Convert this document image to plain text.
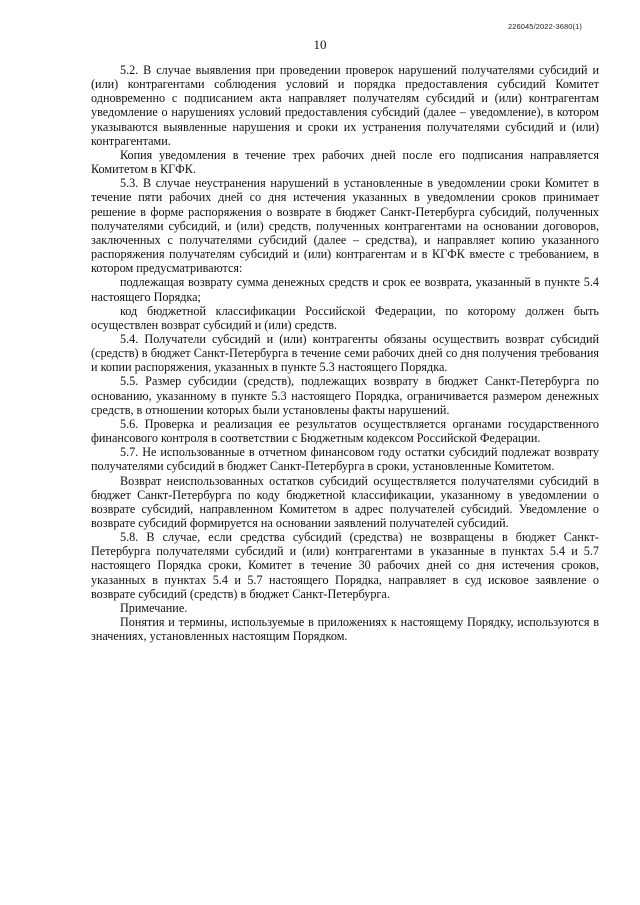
226045/2022-3680(1)
10

5.2. В случае выявления при проведении проверок нарушений получателями субсидий и (или) контрагентами соблюдения условий и порядка предоставления субсидий Комитет одновременно с подписанием акта направляет получателям субсидий и (или) контрагентам уведомление о нарушениях условий предоставления субсидий (далее – уведомление), в котором указываются выявленные нарушения и сроки их устранения получателями субсидий и (или) контрагентами.

Копия уведомления в течение трех рабочих дней после его подписания направляется Комитетом в КГФК.

5.3. В случае неустранения нарушений в установленные в уведомлении сроки Комитет в течение пяти рабочих дней со дня истечения указанных в уведомлении сроков принимает решение в форме распоряжения о возврате в бюджет Санкт-Петербурга субсидий, полученных получателями субсидий, и (или) средств, полученных контрагентами на основании договоров, заключенных с получателями субсидий (далее – средства), и направляет копию указанного распоряжения получателям субсидий и (или) контрагентам и в КГФК вместе с требованием, в котором предусматриваются:

подлежащая возврату сумма денежных средств и срок ее возврата, указанный в пункте 5.4 настоящего Порядка;

код бюджетной классификации Российской Федерации, по которому должен быть осуществлен возврат субсидий и (или) средств.

5.4. Получатели субсидий и (или) контрагенты обязаны осуществить возврат субсидий (средств) в бюджет Санкт-Петербурга в течение семи рабочих дней со дня получения требования и копии распоряжения, указанных в пункте 5.3 настоящего Порядка.

5.5. Размер субсидии (средств), подлежащих возврату в бюджет Санкт-Петербурга по основанию, указанному в пункте 5.3 настоящего Порядка, ограничивается размером денежных средств, в отношении которых были установлены факты нарушений.

5.6. Проверка и реализация ее результатов осуществляется органами государственного финансового контроля в соответствии с Бюджетным кодексом Российской Федерации.

5.7. Не использованные в отчетном финансовом году остатки субсидий подлежат возврату получателями субсидий в бюджет Санкт-Петербурга в сроки, установленные Комитетом.

Возврат неиспользованных остатков субсидий осуществляется получателями субсидий в бюджет Санкт-Петербурга по коду бюджетной классификации, указанному в уведомлении о возврате субсидий, направленном Комитетом в адрес получателей субсидий. Уведомление о возврате субсидий формируется на основании заявлений получателей субсидий.

5.8. В случае, если средства субсидий (средства) не возвращены в бюджет Санкт-Петербурга получателями субсидий и (или) контрагентами в указанные в пунктах 5.4 и 5.7 настоящего Порядка сроки, Комитет в течение 30 рабочих дней со дня истечения сроков, указанных в пунктах 5.4 и 5.7 настоящего Порядка, направляет в суд исковое заявление о возврате субсидий (средств) в бюджет Санкт-Петербурга.

Примечание.

Понятия и термины, используемые в приложениях к настоящему Порядку, используются в значениях, установленных настоящим Порядком.
